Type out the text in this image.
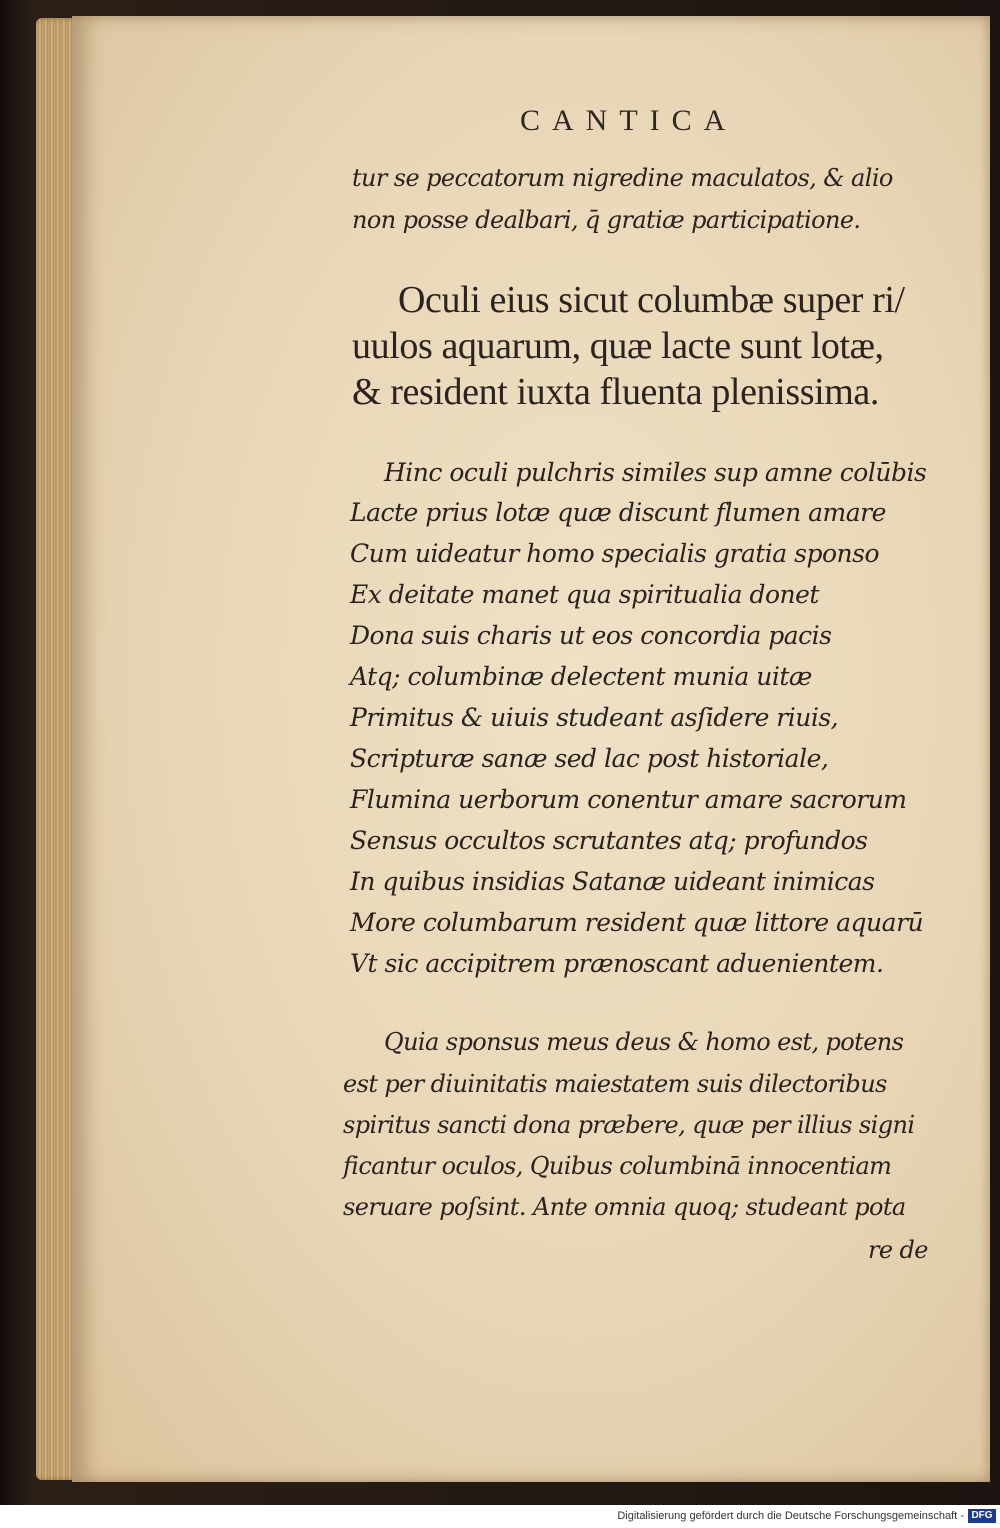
CANTICA
tur se peccatorum nigredine maculatos, & alio
non posse dealbari, q̄ gratiæ participatione.
Oculi eius sicut columbæ super ri/
uulos aquarum, quæ lacte sunt lotæ,
& resident iuxta fluenta plenissima.
Hinc oculi pulchris similes sup amne colūbis
Lacte prius lotæ quæ discunt flumen amare
Cum uideatur homo specialis gratia sponso
Ex deitate manet qua spiritualia donet
Dona suis charis ut eos concordia pacis
Atq; columbinæ delectent munia uitæ
Primitus & uiuis studeant asſidere riuis,
Scripturæ sanæ sed lac post historiale,
Flumina uerborum conentur amare sacrorum
Sensus occultos scrutantes atq; profundos
In quibus insidias Satanæ uideant inimicas
More columbarum resident quæ littore aquarū
Vt sic accipitrem prænoscant aduenientem.
Quia sponsus meus deus & homo est, potens
est per diuinitatis maiestatem suis dilectoribus
spiritus sancti dona præbere, quæ per illius signi
ficantur oculos, Quibus columbinā innocentiam
seruare poſsint. Ante omnia quoq; studeant pota
re de
Digitalisierung gefördert durch die Deutsche Forschungsgemeinschaft - DFG
